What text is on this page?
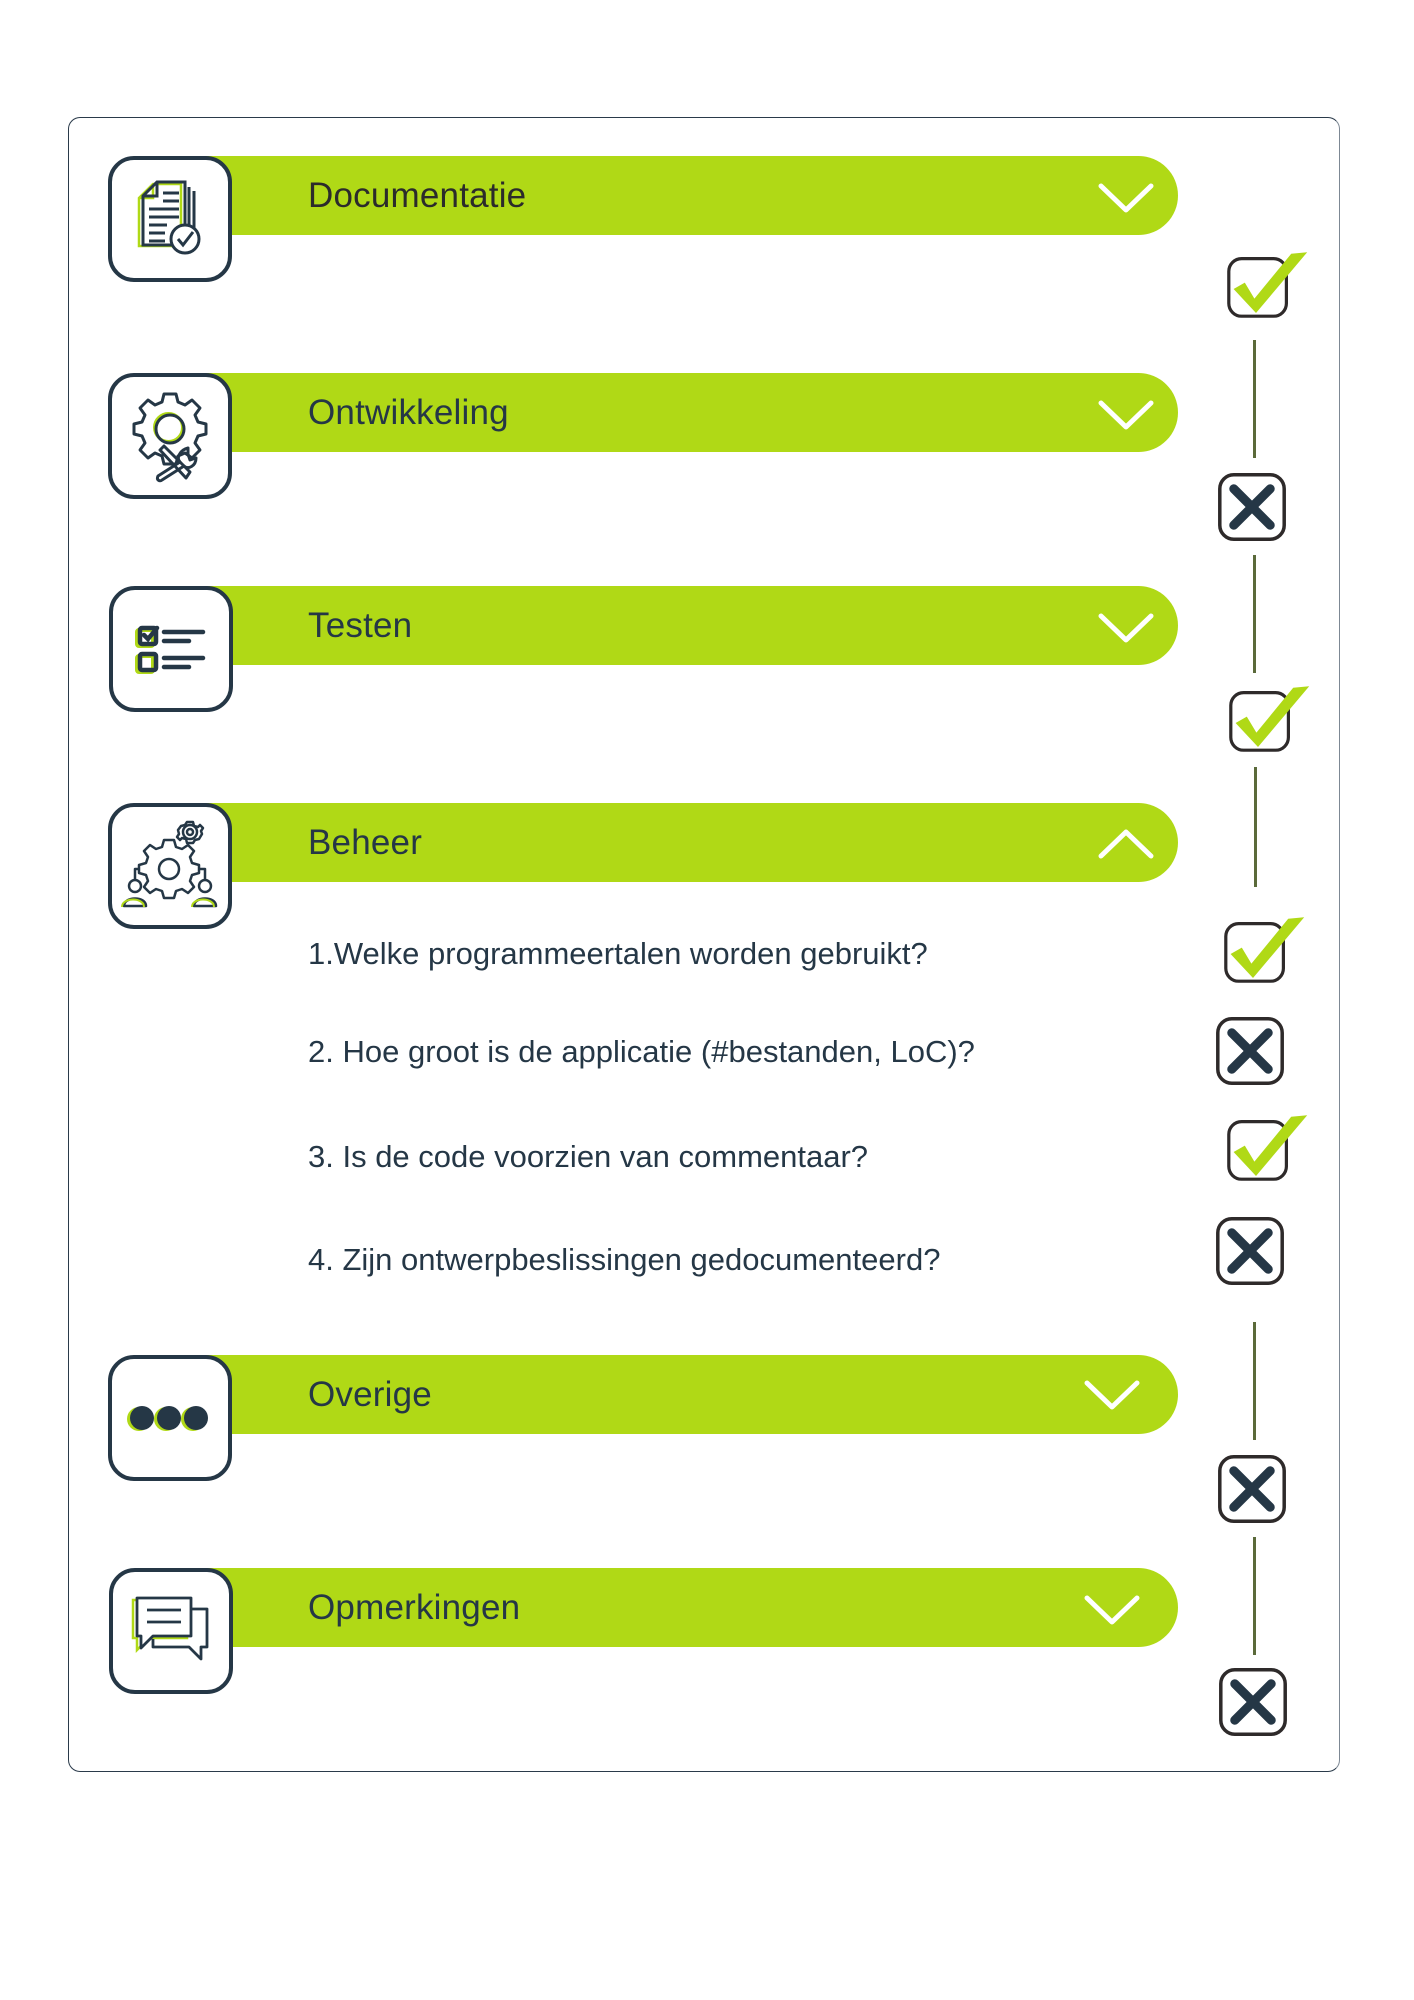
Documentatie
Ontwikkeling
Testen
Beheer
1.Welke programmeertalen worden gebruikt?
2. Hoe groot is de applicatie (#bestanden, LoC)?
3. Is de code voorzien van commentaar?
4. Zijn ontwerpbeslissingen gedocumenteerd?
Overige
Opmerkingen
